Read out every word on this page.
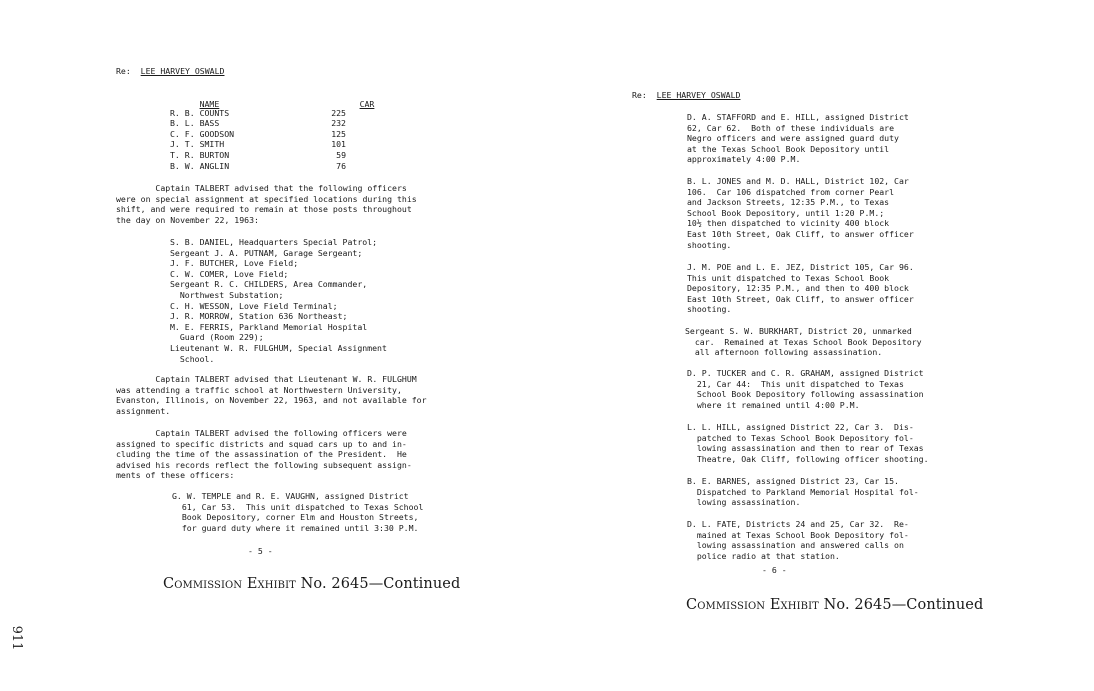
Re: LEE HARVEY OSWALD

NAME	CAR

R. B. COUNTS	225
B. L. BASS	232
C. F. GOODSON	125
J. T. SMITH	101
T. R. BURTON	59
B. W. ANGLIN	76
Captain TALBERT advised that the following officers
were on special assignment at specified locations during this
shift, and were required to remain at those posts throughout
the day on November 22, 1963:
S. B. DANIEL, Headquarters Special Patrol;
Sergeant J. A. PUTNAM, Garage Sergeant;
J. F. BUTCHER, Love Field;
C. W. COMER, Love Field;
Sergeant R. C. CHILDERS, Area Commander,
Northwest Substation;
C. H. WESSON, Love Field Terminal;
J. R. MORROW, Station 636 Northeast;
M. E. FERRIS, Parkland Memorial Hospital
Guard (Room 229);
Lieutenant W. R. FULGHUM, Special Assignment
School.
Captain TALBERT advised that Lieutenant W. R. FULGHUM
was attending a traffic school at Northwestern University,
Evanston, Illinois, on November 22, 1963, and not available for
assignment.
Captain TALBERT advised the following officers were
assigned to specific districts and squad cars up to and in-
cluding the time of the assassination of the President.  He
advised his records reflect the following subsequent assign-
ments of these officers:
G. W. TEMPLE and R. E. VAUGHN, assigned District
61, Car 53.  This unit dispatched to Texas School
Book Depository, corner Elm and Houston Streets,
for guard duty where it remained until 3:30 P.M.
- 5 -
Commission Exhibit No. 2645—Continued
911
Re: LEE HARVEY OSWALD
D. A. STAFFORD and E. HILL, assigned District
62, Car 62.  Both of these individuals are
Negro officers and were assigned guard duty
at the Texas School Book Depository until
approximately 4:00 P.M.
B. L. JONES and M. D. HALL, District 102, Car
106.  Car 106 dispatched from corner Pearl
and Jackson Streets, 12:35 P.M., to Texas
School Book Depository, until 1:20 P.M.;
10½ then dispatched to vicinity 400 block
East 10th Street, Oak Cliff, to answer officer
shooting.
J. M. POE and L. E. JEZ, District 105, Car 96.
This unit dispatched to Texas School Book
Depository, 12:35 P.M., and then to 400 block
East 10th Street, Oak Cliff, to answer officer
shooting.
Sergeant S. W. BURKHART, District 20, unmarked
car.  Remained at Texas School Book Depository
all afternoon following assassination.
D. P. TUCKER and C. R. GRAHAM, assigned District
21, Car 44:  This unit dispatched to Texas
School Book Depository following assassination
where it remained until 4:00 P.M.
L. L. HILL, assigned District 22, Car 3.  Dis-
patched to Texas School Book Depository fol-
lowing assassination and then to rear of Texas
Theatre, Oak Cliff, following officer shooting.
B. E. BARNES, assigned District 23, Car 15.
Dispatched to Parkland Memorial Hospital fol-
lowing assassination.
D. L. FATE, Districts 24 and 25, Car 32.  Re-
mained at Texas School Book Depository fol-
lowing assassination and answered calls on
police radio at that station.
- 6 -
Commission Exhibit No. 2645—Continued
